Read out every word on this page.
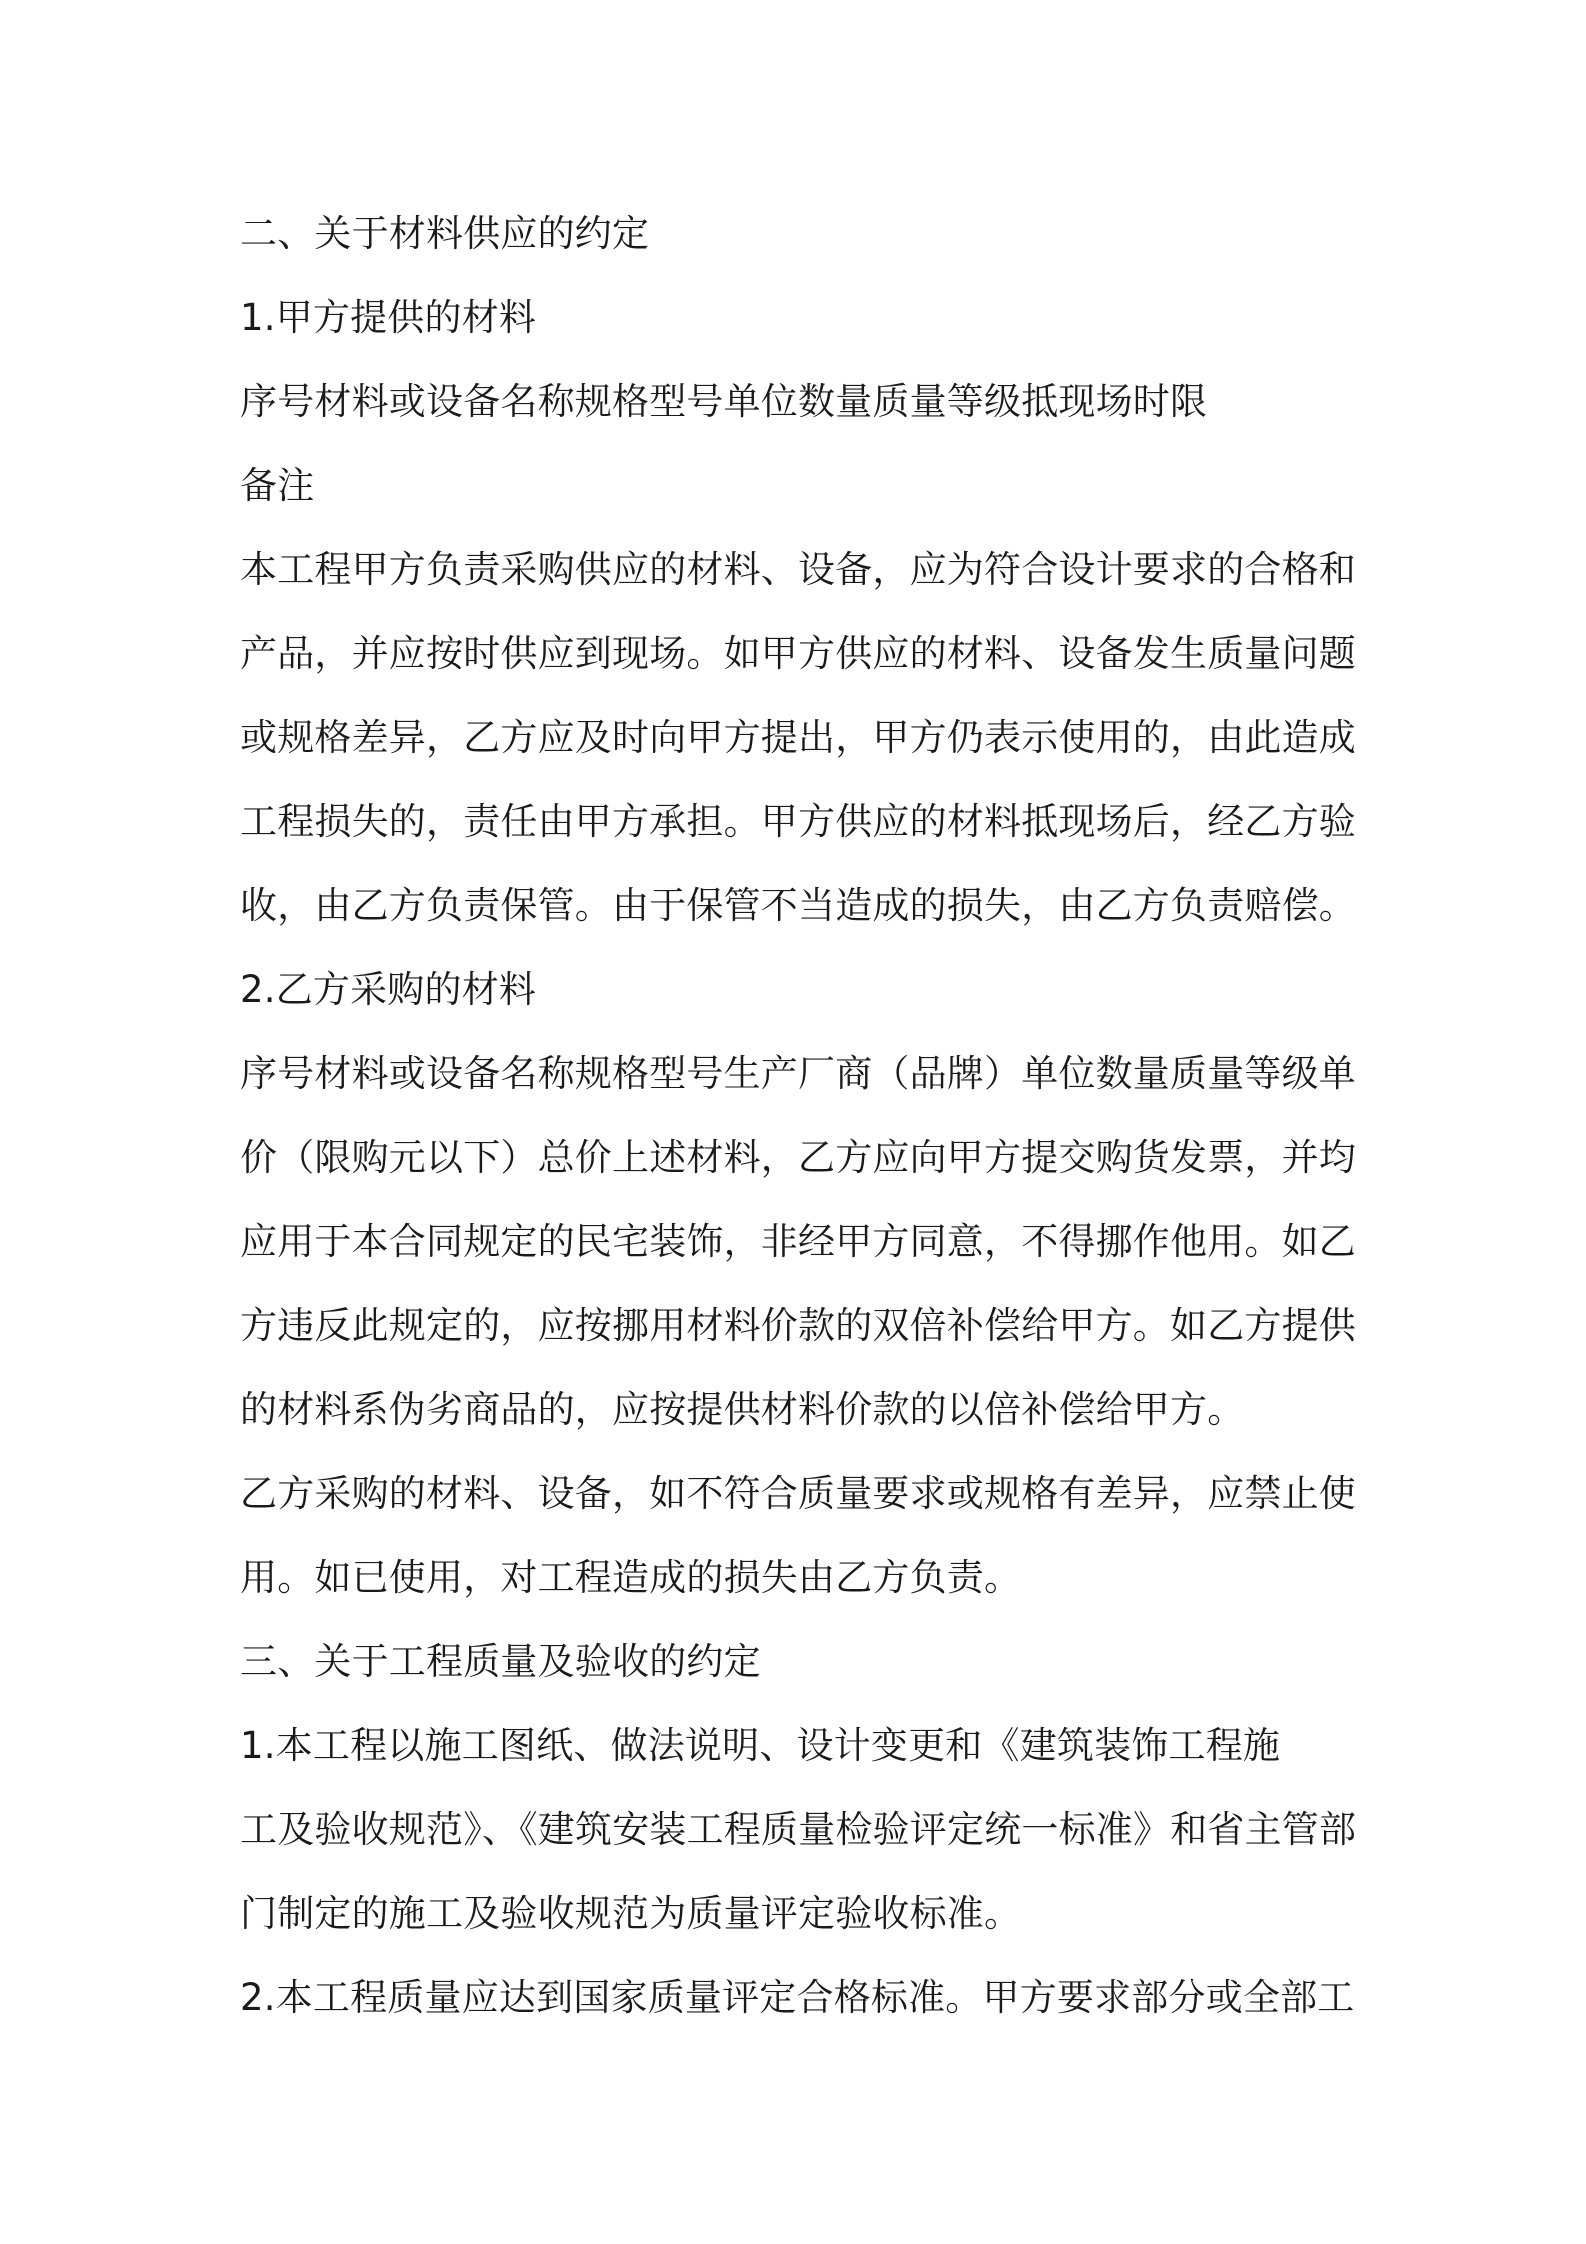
二、关于材料供应的约定
1.甲方提供的材料
序号材料或设备名称规格型号单位数量质量等级抵现场时限
备注
本工程甲方负责采购供应的材料、设备，应为符合设计要求的合格和
产品，并应按时供应到现场。如甲方供应的材料、设备发生质量问题
或规格差异，乙方应及时向甲方提出，甲方仍表示使用的，由此造成
工程损失的，责任由甲方承担。甲方供应的材料抵现场后，经乙方验
收，由乙方负责保管。由于保管不当造成的损失，由乙方负责赔偿。
2.乙方采购的材料
序号材料或设备名称规格型号生产厂商（品牌）单位数量质量等级单
价（限购元以下）总价上述材料，乙方应向甲方提交购货发票，并均
应用于本合同规定的民宅装饰，非经甲方同意，不得挪作他用。如乙
方违反此规定的，应按挪用材料价款的双倍补偿给甲方。如乙方提供
的材料系伪劣商品的，应按提供材料价款的以倍补偿给甲方。
乙方采购的材料、设备，如不符合质量要求或规格有差异，应禁止使
用。如已使用，对工程造成的损失由乙方负责。
三、关于工程质量及验收的约定
1.本工程以施工图纸、做法说明、设计变更和《建筑装饰工程施
工及验收规范》、《建筑安装工程质量检验评定统一标准》和省主管部
门制定的施工及验收规范为质量评定验收标准。
2.本工程质量应达到国家质量评定合格标准。甲方要求部分或全部工
